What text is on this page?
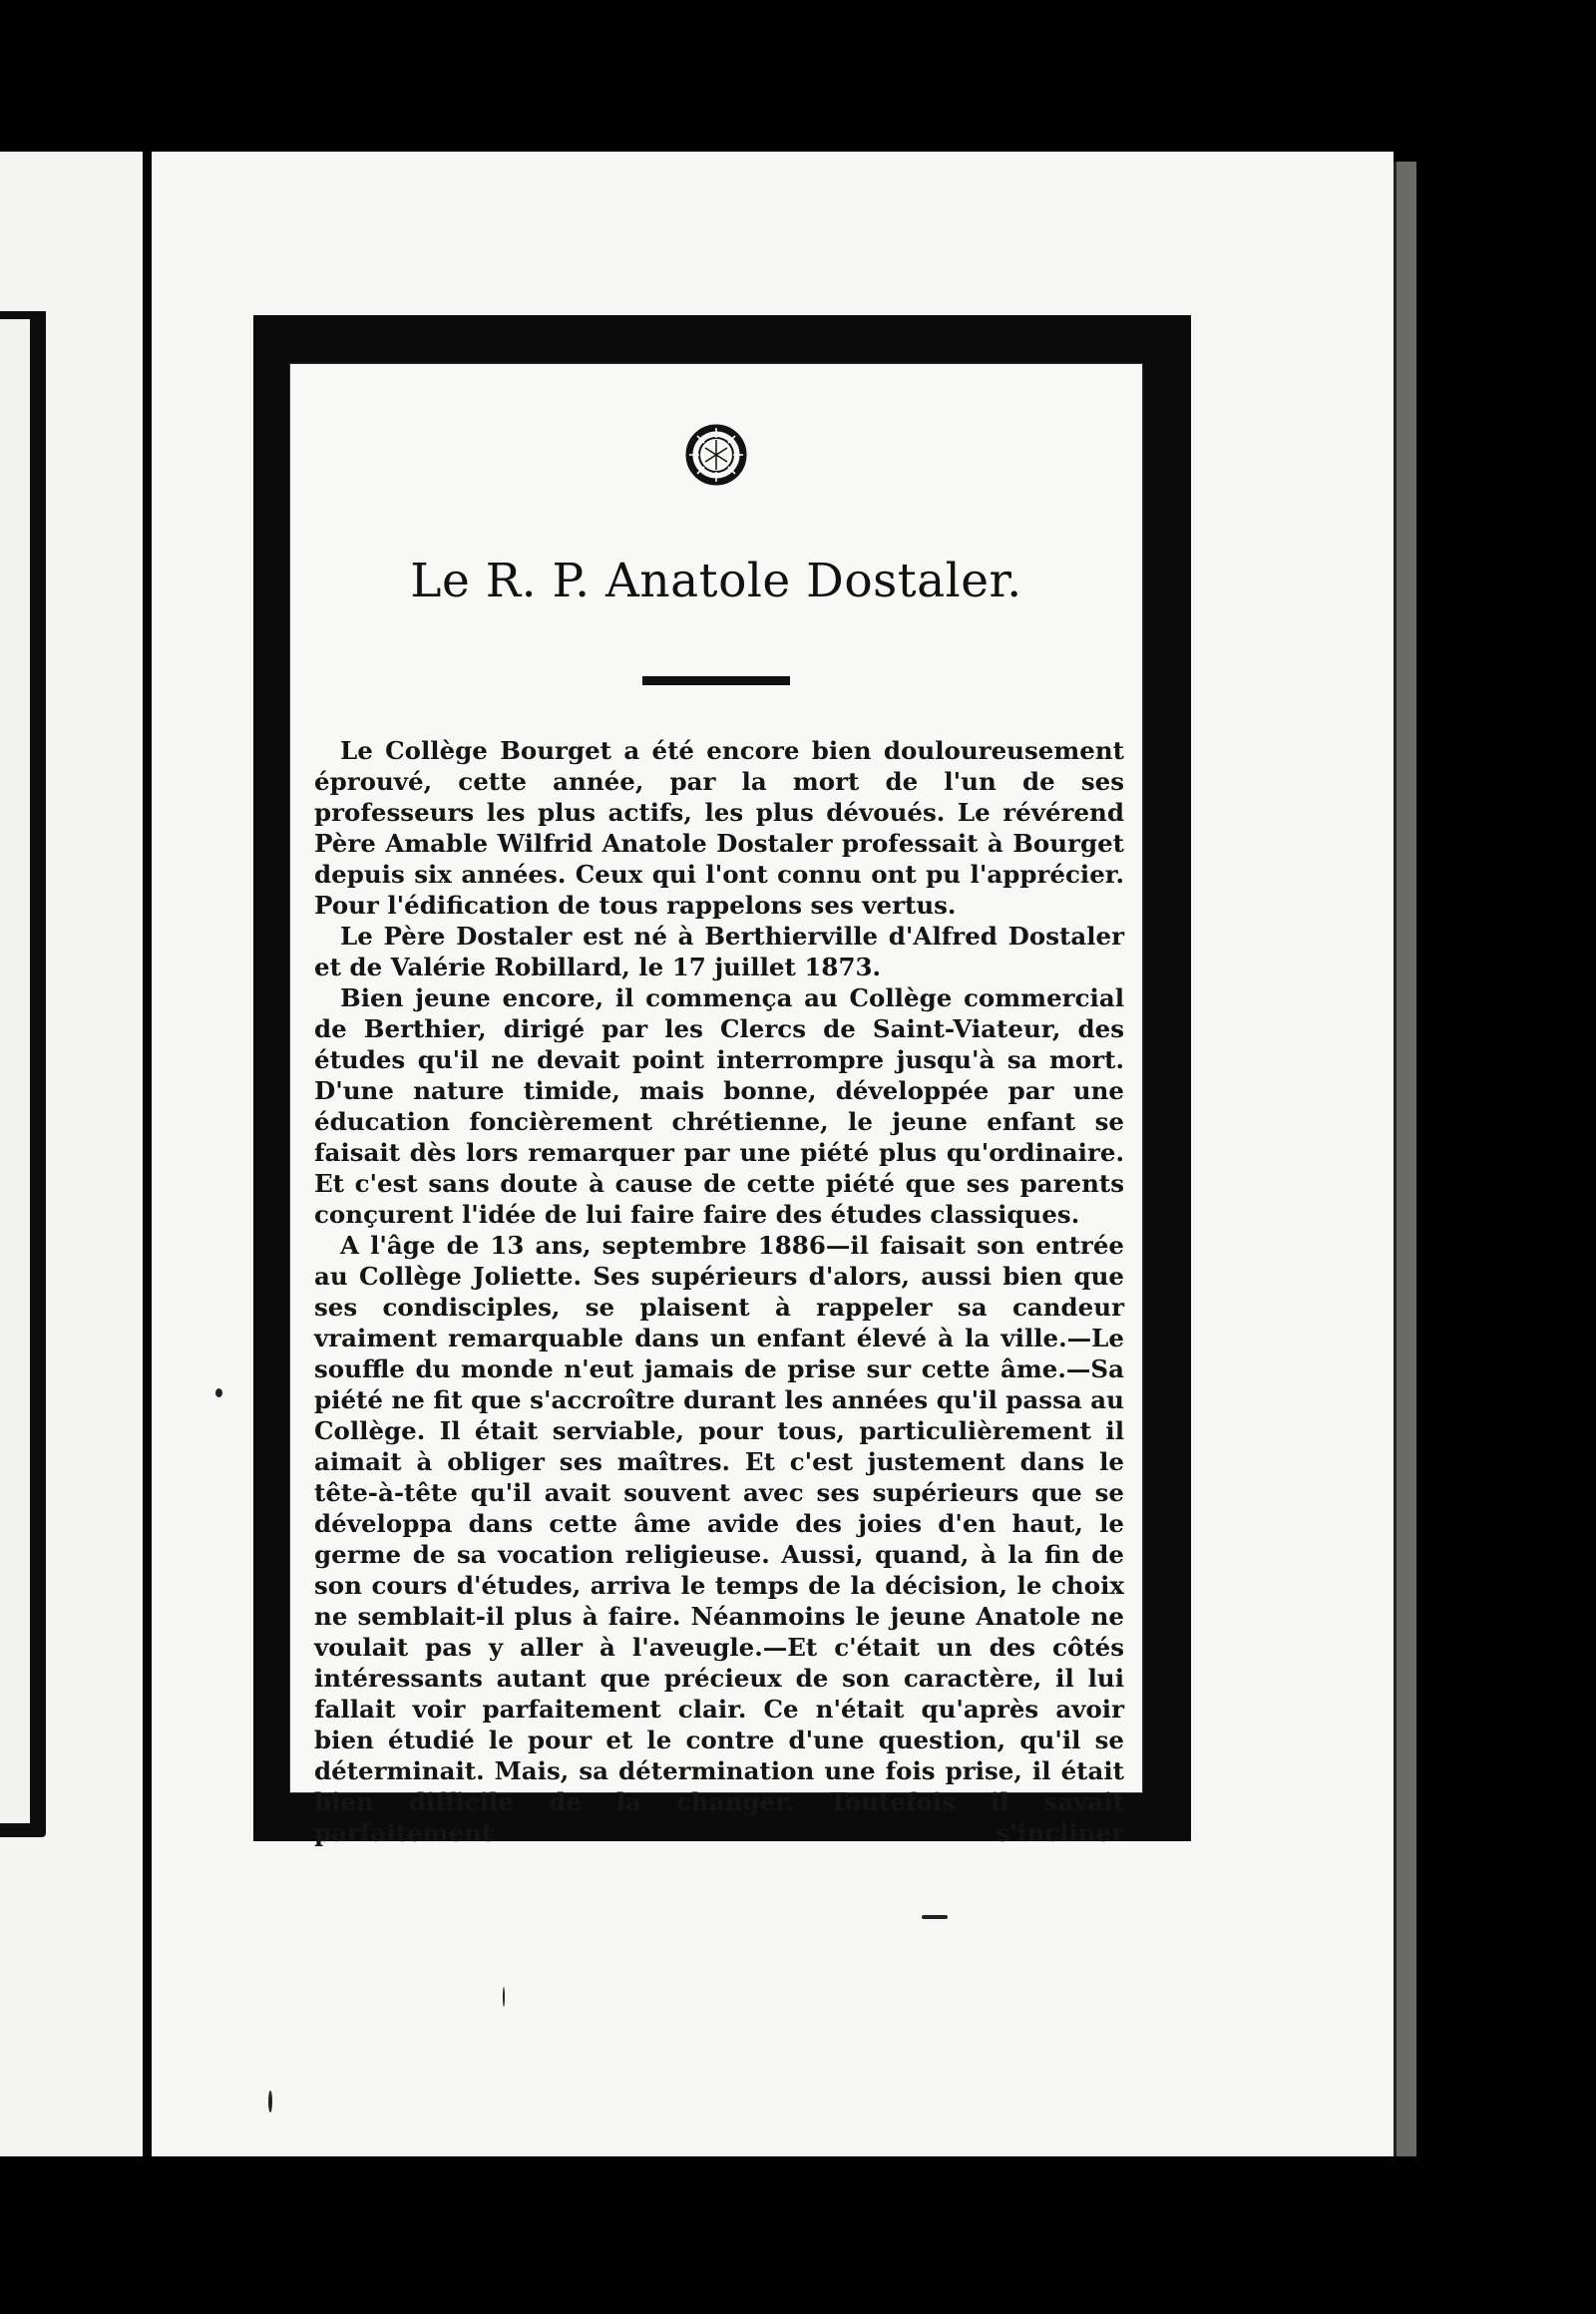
Le R. P. Anatole Dostaler.

Le Collège Bourget a été encore bien douloureusement éprouvé, cette année, par la mort de l'un de ses professeurs les plus actifs, les plus dévoués. Le révérend Père Amable Wilfrid Anatole Dostaler professait à Bourget depuis six années. Ceux qui l'ont connu ont pu l'apprécier. Pour l'édification de tous rappelons ses vertus.

Le Père Dostaler est né à Berthierville d'Alfred Dostaler et de Valérie Robillard, le 17 juillet 1873.

Bien jeune encore, il commença au Collège commercial de Berthier, dirigé par les Clercs de Saint-Viateur, des études qu'il ne devait point interrompre jusqu'à sa mort. D'une nature timide, mais bonne, développée par une éducation foncièrement chrétienne, le jeune enfant se faisait dès lors remarquer par une piété plus qu'ordinaire. Et c'est sans doute à cause de cette piété que ses parents conçurent l'idée de lui faire faire des études classiques.

A l'âge de 13 ans, septembre 1886—il faisait son entrée au Collège Joliette. Ses supérieurs d'alors, aussi bien que ses condisciples, se plaisent à rappeler sa candeur vraiment remarquable dans un enfant élevé à la ville.—Le souffle du monde n'eut jamais de prise sur cette âme.—Sa piété ne fit que s'accroître durant les années qu'il passa au Collège. Il était serviable, pour tous, particulièrement il aimait à obliger ses maîtres. Et c'est justement dans le tête-à-tête qu'il avait souvent avec ses supérieurs que se développa dans cette âme avide des joies d'en haut, le germe de sa vocation religieuse. Aussi, quand, à la fin de son cours d'études, arriva le temps de la décision, le choix ne semblait-il plus à faire. Néanmoins le jeune Anatole ne voulait pas y aller à l'aveugle.—Et c'était un des côtés intéressants autant que précieux de son caractère, il lui fallait voir parfaitement clair. Ce n'était qu'après avoir bien étudié le pour et le contre d'une question, qu'il se déterminait. Mais, sa détermination une fois prise, il était bien difficile de la changer. Toutefois il savait parfaitement s'incliner
